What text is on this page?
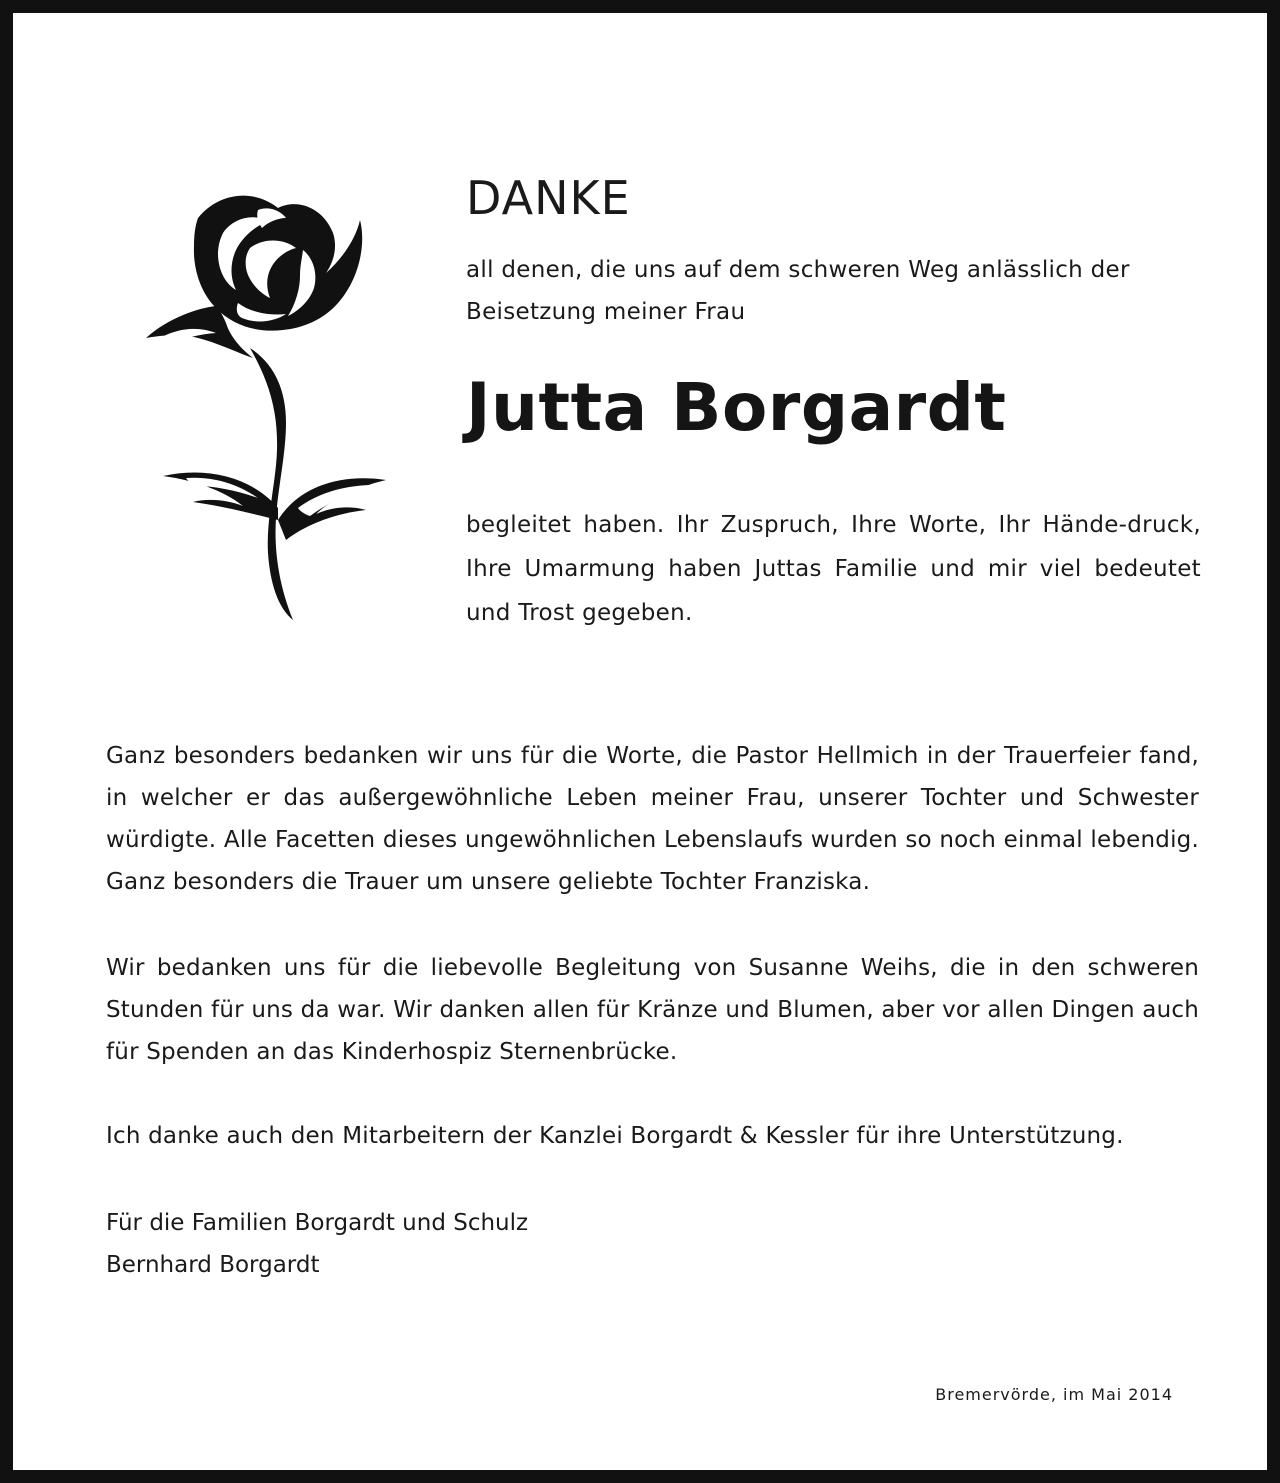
DANKE

all denen, die uns auf dem schweren Weg anlässlich der Beisetzung meiner Frau

Jutta Borgardt

begleitet haben. Ihr Zuspruch, Ihre Worte, Ihr Hände-druck, Ihre Umarmung haben Juttas Familie und mir viel bedeutet und Trost gegeben.

Ganz besonders bedanken wir uns für die Worte, die Pastor Hellmich in der Trauerfeier fand, in welcher er das außergewöhnliche Leben meiner Frau, unserer Tochter und Schwester würdigte. Alle Facetten dieses ungewöhnlichen Lebenslaufs wurden so noch einmal lebendig. Ganz besonders die Trauer um unsere geliebte Tochter Franziska.

Wir bedanken uns für die liebevolle Begleitung von Susanne Weihs, die in den schweren Stunden für uns da war. Wir danken allen für Kränze und Blumen, aber vor allen Dingen auch für Spenden an das Kinderhospiz Sternenbrücke.

Ich danke auch den Mitarbeitern der Kanzlei Borgardt & Kessler für ihre Unterstützung.

Für die Familien Borgardt und Schulz
Bernhard Borgardt

Bremervörde, im Mai 2014
